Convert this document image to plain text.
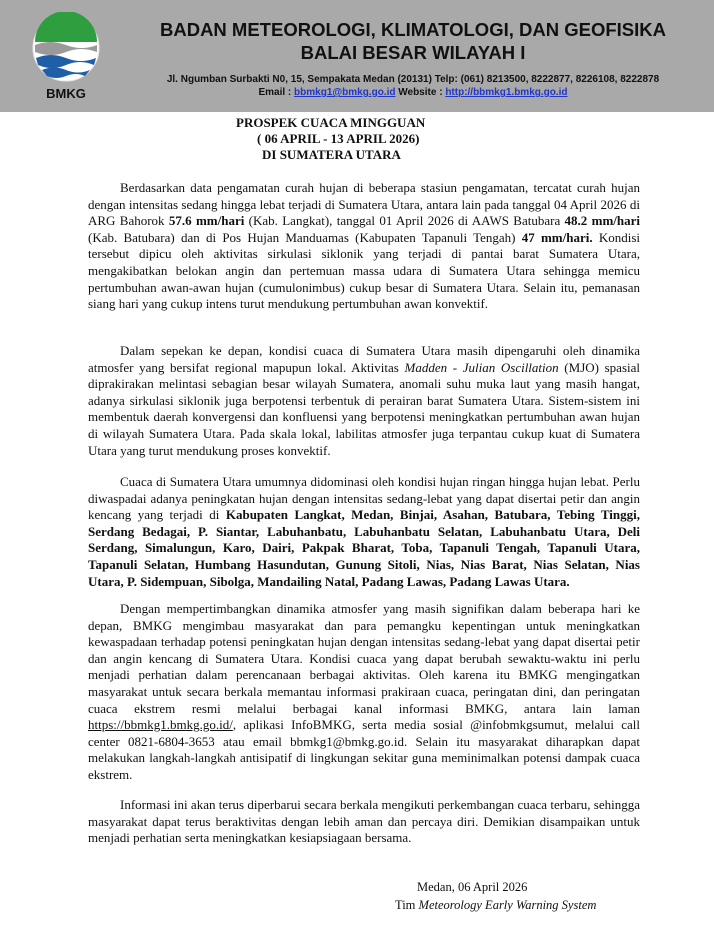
BMKG
BADAN METEOROLOGI, KLIMATOLOGI, DAN GEOFISIKA
BALAI BESAR WILAYAH I
Jl. Ngumban Surbakti N0, 15, Sempakata Medan (20131) Telp: (061) 8213500, 8222877, 8226108, 8222878
Email : bbmkg1@bmkg.go.id Website : http://bbmkg1.bmkg.go.id
PROSPEK CUACA MINGGUAN
( 06 APRIL - 13 APRIL 2026)
DI SUMATERA UTARA
Berdasarkan data pengamatan curah hujan di beberapa stasiun pengamatan, tercatat curah hujan dengan intensitas sedang hingga lebat terjadi di Sumatera Utara, antara lain pada tanggal 04 April 2026 di ARG Bahorok 57.6 mm/hari (Kab. Langkat), tanggal 01 April 2026 di AAWS Batubara 48.2 mm/hari (Kab. Batubara) dan di Pos Hujan Manduamas (Kabupaten Tapanuli Tengah) 47 mm/hari. Kondisi tersebut dipicu oleh aktivitas sirkulasi siklonik yang terjadi di pantai barat Sumatera Utara, mengakibatkan belokan angin dan pertemuan massa udara di Sumatera Utara sehingga memicu pertumbuhan awan-awan hujan (cumulonimbus) cukup besar di Sumatera Utara. Selain itu, pemanasan siang hari yang cukup intens turut mendukung pertumbuhan awan konvektif.
Dalam sepekan ke depan, kondisi cuaca di Sumatera Utara masih dipengaruhi oleh dinamika atmosfer yang bersifat regional mapupun lokal. Aktivitas Madden - Julian Oscillation (MJO) spasial diprakirakan melintasi sebagian besar wilayah Sumatera, anomali suhu muka laut yang masih hangat, adanya sirkulasi siklonik juga berpotensi terbentuk di perairan barat Sumatera Utara. Sistem-sistem ini membentuk daerah konvergensi dan konfluensi yang berpotensi meningkatkan pertumbuhan awan hujan di wilayah Sumatera Utara. Pada skala lokal, labilitas atmosfer juga terpantau cukup kuat di Sumatera Utara yang turut mendukung proses konvektif.
Cuaca di Sumatera Utara umumnya didominasi oleh kondisi hujan ringan hingga hujan lebat. Perlu diwaspadai adanya peningkatan hujan dengan intensitas sedang-lebat yang dapat disertai petir dan angin kencang yang terjadi di Kabupaten Langkat, Medan, Binjai, Asahan, Batubara, Tebing Tinggi, Serdang Bedagai, P. Siantar, Labuhanbatu, Labuhanbatu Selatan, Labuhanbatu Utara, Deli Serdang, Simalungun, Karo, Dairi, Pakpak Bharat, Toba, Tapanuli Tengah, Tapanuli Utara, Tapanuli Selatan, Humbang Hasundutan, Gunung Sitoli, Nias, Nias Barat, Nias Selatan, Nias Utara, P. Sidempuan, Sibolga, Mandailing Natal, Padang Lawas, Padang Lawas Utara.
Dengan mempertimbangkan dinamika atmosfer yang masih signifikan dalam beberapa hari ke depan, BMKG mengimbau masyarakat dan para pemangku kepentingan untuk meningkatkan kewaspadaan terhadap potensi peningkatan hujan dengan intensitas sedang-lebat yang dapat disertai petir dan angin kencang di Sumatera Utara. Kondisi cuaca yang dapat berubah sewaktu-waktu ini perlu menjadi perhatian dalam perencanaan berbagai aktivitas. Oleh karena itu BMKG mengingatkan masyarakat untuk secara berkala memantau informasi prakiraan cuaca, peringatan dini, dan peringatan cuaca ekstrem resmi melalui berbagai kanal informasi BMKG, antara lain laman https://bbmkg1.bmkg.go.id/, aplikasi InfoBMKG, serta media sosial @infobmkgsumut, melalui call center 0821-6804-3653 atau email bbmkg1@bmkg.go.id. Selain itu masyarakat diharapkan dapat melakukan langkah-langkah antisipatif di lingkungan sekitar guna meminimalkan potensi dampak cuaca ekstrem.
Informasi ini akan terus diperbarui secara berkala mengikuti perkembangan cuaca terbaru, sehingga masyarakat dapat terus beraktivitas dengan lebih aman dan percaya diri. Demikian disampaikan untuk menjadi perhatian serta meningkatkan kesiapsiagaan bersama.
Medan, 06 April 2026
Tim Meteorology Early Warning System
